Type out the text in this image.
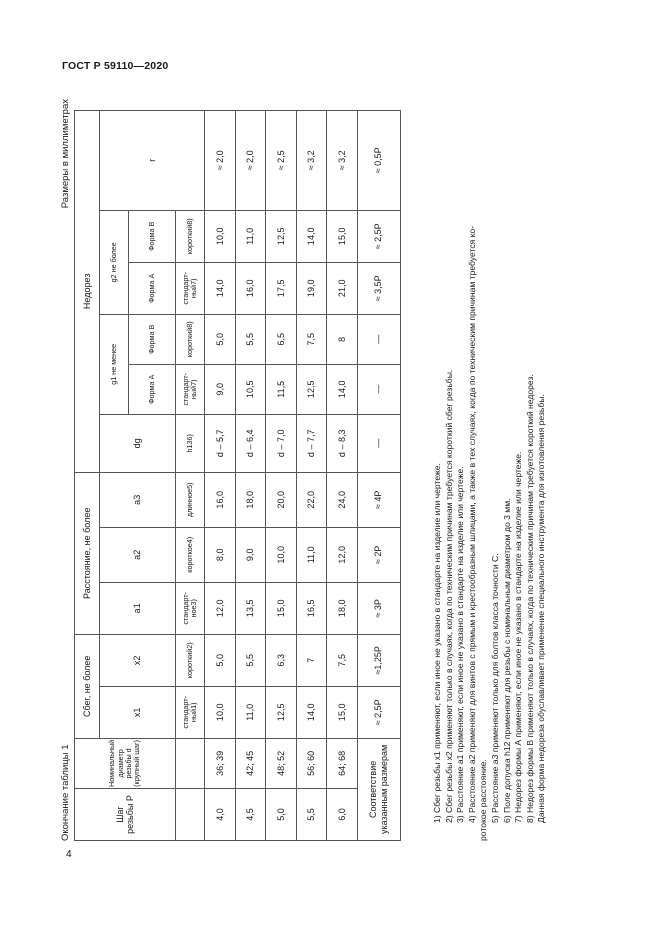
ГОСТ Р 59110—2020
4
Окончание таблицы 1
Размеры в миллиметрах
Шаг резьбы P	Номинальный диаметр резьбы d (крупный шаг)	Сбег, не более		Расстояние, не более			Недорез					
		x1	x2	a1	a2	a3	dg	g1 не менее		g2 не более		r
								Форма А	Форма В	Форма А	Форма В	
		стандарт-ный1)	короткий2)	стандарт-ное3)	короткое4)	длинное5)	h136)	стандарт-ный7)	короткий8)	стандарт-ный7)	короткий8)	
4,0	36; 39	10,0	5,0	12,0	8,0	16,0	d – 5,7	9,0	5,0	14,0	10,0	≈ 2,0
4,5	42; 45	11,0	5,5	13,5	9,0	18,0	d – 6,4	10,5	5,5	16,0	11,0	≈ 2,0
5,0	48; 52	12,5	6,3	15,0	10,0	20,0	d – 7,0	11,5	6,5	17,5	12,5	≈ 2,5
5,5	56; 60	14,0	7	16,5	11,0	22,0	d – 7,7	12,5	7,5	19,0	14,0	≈ 3,2
6,0	64; 68	15,0	7,5	18,0	12,0	24,0	d – 8,3	14,0	8	21,0	15,0	≈ 3,2
Соответствие указанным размерам		≈ 2,5P	≈1,25P	≈ 3P	≈ 2P	≈ 4P	—	—	—	≈ 3,5P	≈ 2,5P	≈ 0,5P

1) Сбег резьбы x1 применяют, если иное не указано в стандарте на изделие или чертеже. 2) Сбег резьбы x2 применяют только в случаях, когда по техническим причинам требуется короткий сбег резьбы. 3) Расстояние a1 применяют, если иное не указано в стандарте на изделие или чертеже. 4) Расстояние a2 применяют для винтов с прямым и крестообразным шлицами, а также в тех случаях, когда по техническим причинам требуется ко- ротокое расстояние. 5) Расстояние a3 применяют только для болтов класса точности С. 6) Поле допуска h12 применяют для резьбы с номинальным диаметром до 3 мм. 7) Недорез формы А применяют, если иное не указано в стандарте на изделие или чертеже. 8) Недорез формы В применяют только в случаях, когда по техническим причинам требуется короткий недорез. Данная форма недореза обуславливает применение специального инструмента для изготовления резьбы.
